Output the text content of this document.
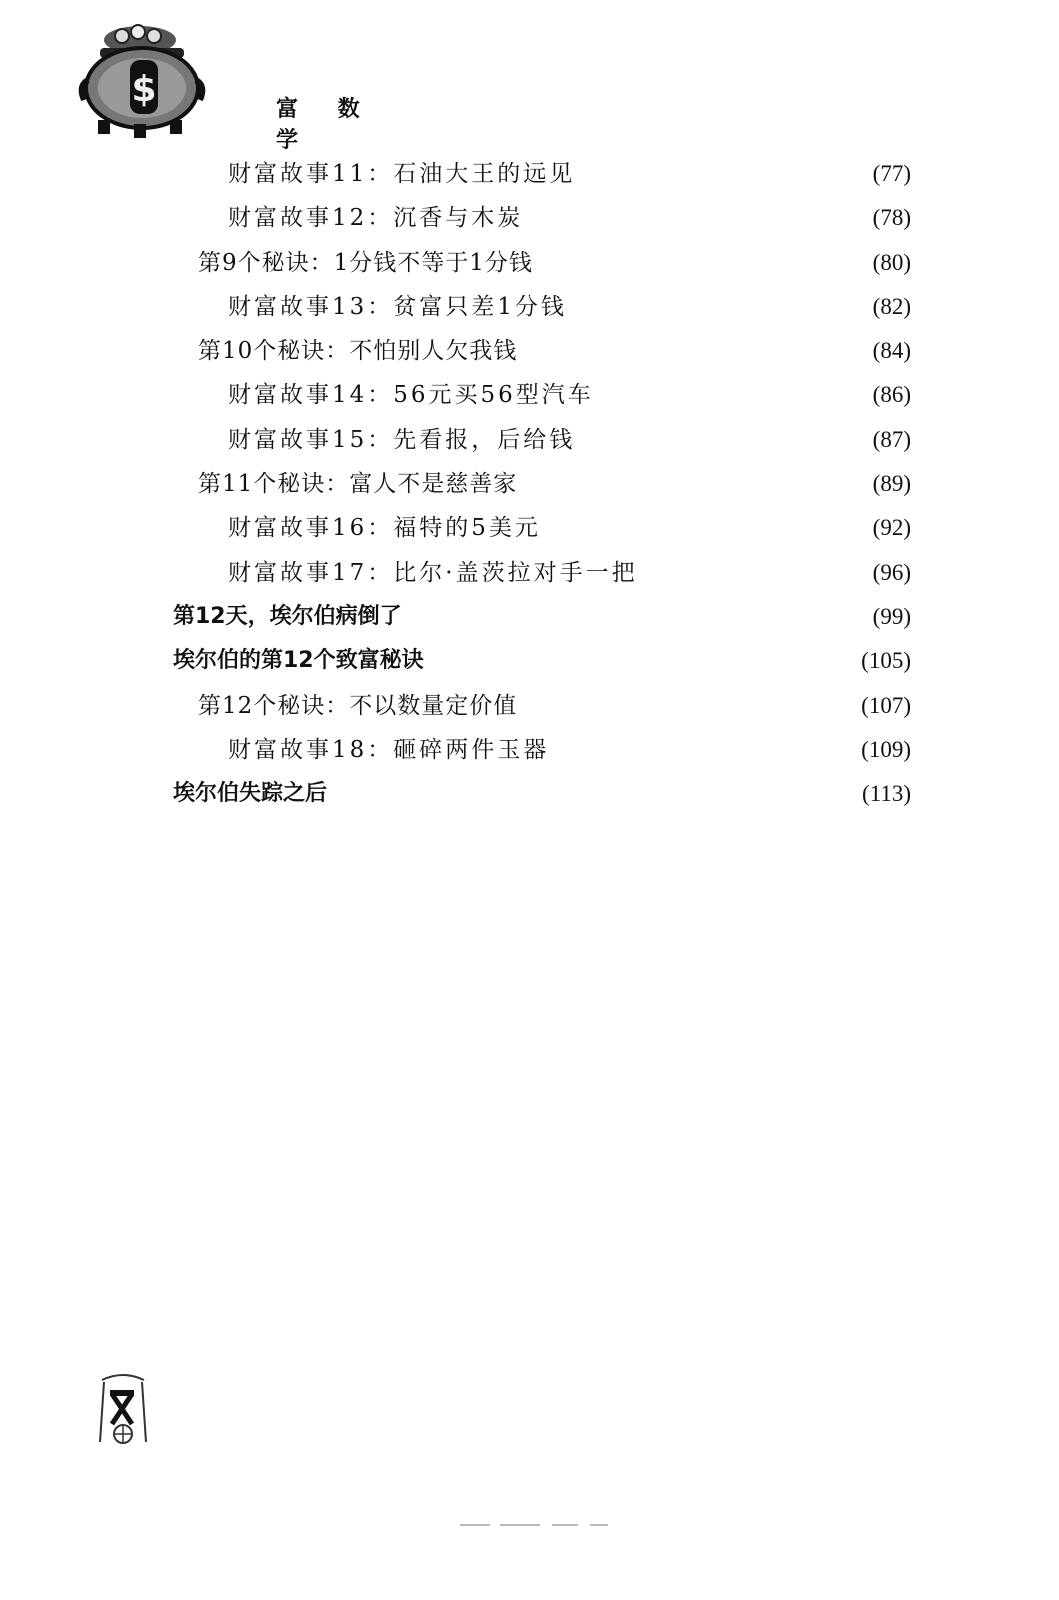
$	富 数 学
财富故事11：石油大王的远见	(77)
财富故事12：沉香与木炭	(78)
第9个秘诀：1分钱不等于1分钱	(80)
财富故事13：贫富只差1分钱	(82)
第10个秘诀：不怕别人欠我钱	(84)
财富故事14：56元买56型汽车	(86)
财富故事15：先看报，后给钱	(87)
第11个秘诀：富人不是慈善家	(89)
财富故事16：福特的5美元	(92)
财富故事17：比尔·盖茨拉对手一把	(96)
第12天，埃尔伯病倒了	(99)
埃尔伯的第12个致富秘诀	(105)
第12个秘诀：不以数量定价值	(107)
财富故事18：砸碎两件玉器	(109)
埃尔伯失踪之后	(113)
